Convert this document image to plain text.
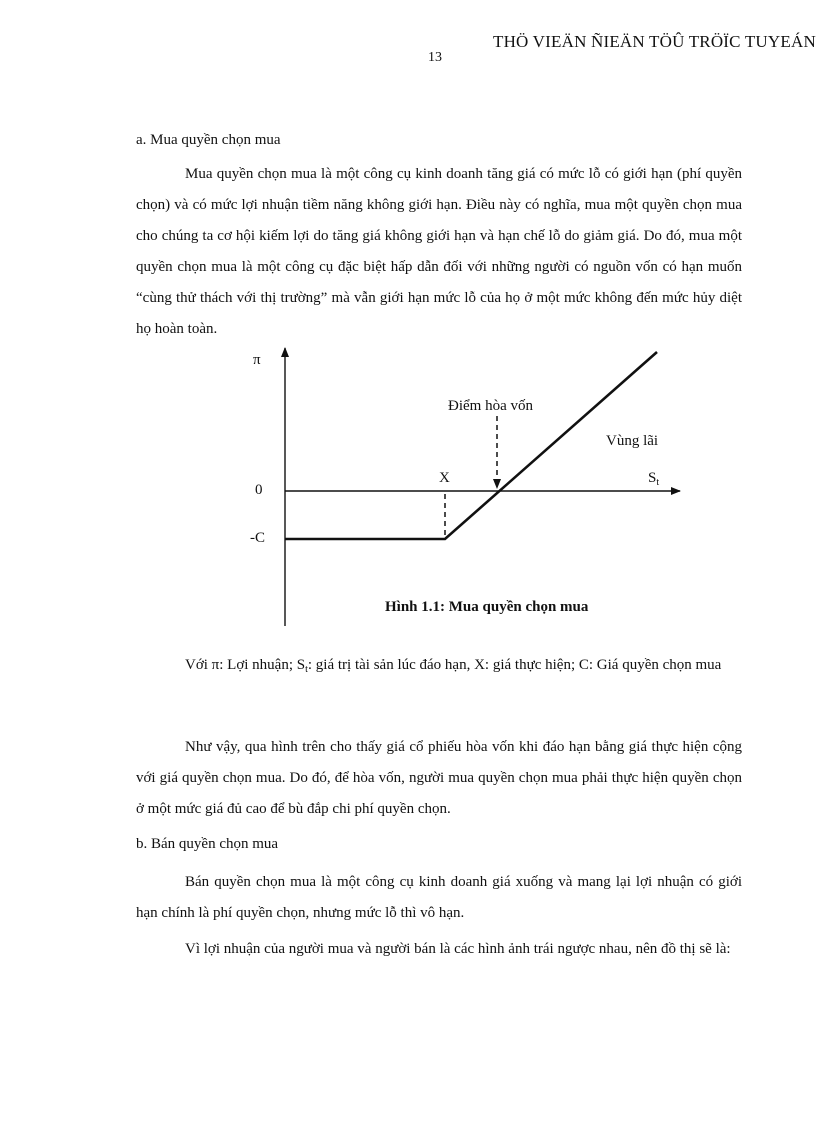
THÖ VIEÄN ÑIEÄN TÖÛ TRÖÏC TUYEÁN
13
a. Mua quyền chọn mua
Mua quyền chọn mua là một công cụ kinh doanh tăng giá có mức lỗ có giới hạn (phí quyền chọn) và có mức lợi nhuận tiềm năng không giới hạn. Điều này có nghĩa, mua một quyền chọn mua cho chúng ta cơ hội kiếm lợi do tăng giá không giới hạn và hạn chế lỗ do giảm giá. Do đó, mua một quyền chọn mua là một công cụ đặc biệt hấp dẫn đối với những người có nguồn vốn có hạn muốn “cùng thử thách với thị trường” mà vẫn giới hạn mức lỗ của họ ở một mức không đến mức hủy diệt họ hoàn toàn.
π
0
-C
X	$S_t$
Điểm hòa vốn
Vùng lãi
Hình 1.1: Mua quyền chọn mua
Với π: Lợi nhuận; $S_t$: giá trị tài sản lúc đáo hạn, X: giá thực hiện; C: Giá quyền chọn mua
Như vậy, qua hình trên cho thấy giá cổ phiếu hòa vốn khi đáo hạn bằng giá thực hiện cộng với giá quyền chọn mua. Do đó, để hòa vốn, người mua quyền chọn mua phải thực hiện quyền chọn ở một mức giá đủ cao để bù đắp chi phí quyền chọn.
b. Bán quyền chọn mua
Bán quyền chọn mua là một công cụ kinh doanh giá xuống và mang lại lợi nhuận có giới hạn chính là phí quyền chọn, nhưng mức lỗ thì vô hạn.
Vì lợi nhuận của người mua và người bán là các hình ảnh trái ngược nhau, nên đồ thị sẽ là:
